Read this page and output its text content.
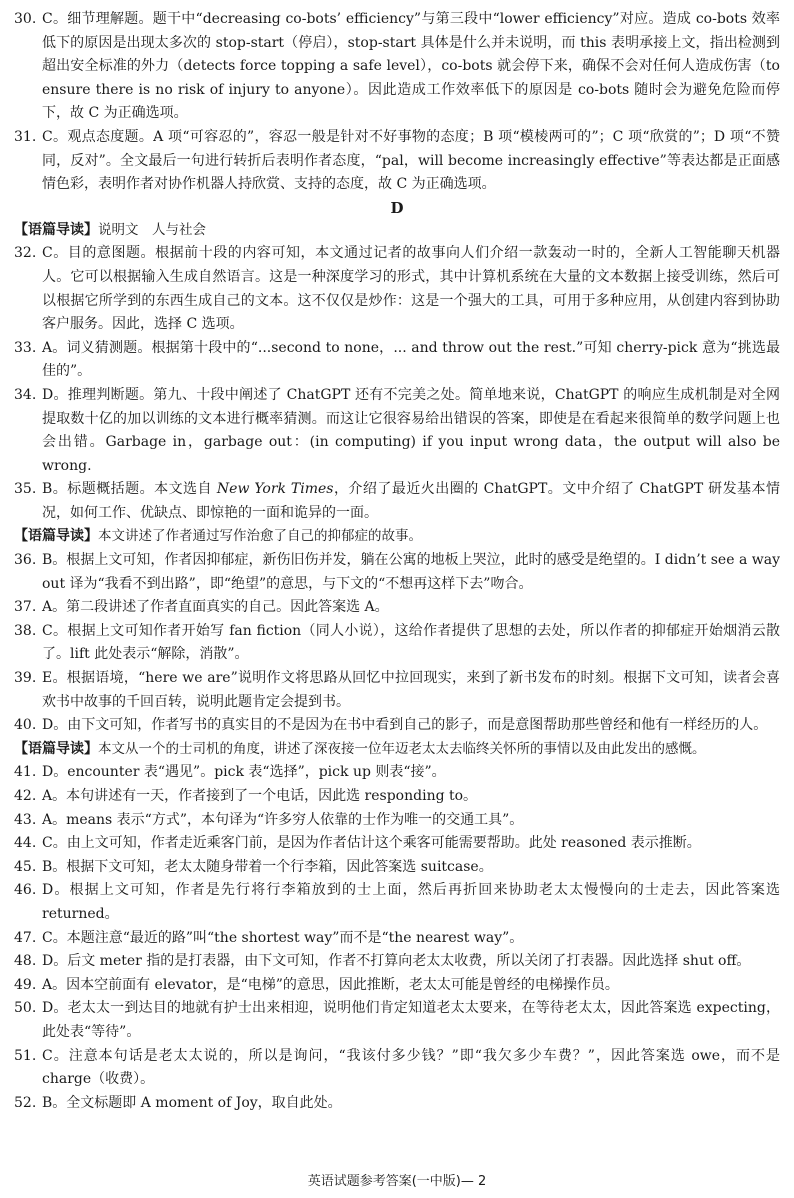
30. C。细节理解题。题干中“decreasing co-bots’ efficiency”与第三段中“lower efficiency”对应。造成 co-bots 效率低下的原因是出现太多次的 stop-start（停启），stop-start 具体是什么并未说明，而 this 表明承接上文，指出检测到超出安全标准的外力（detects force topping a safe level），co-bots 就会停下来，确保不会对任何人造成伤害（to ensure there is no risk of injury to anyone）。因此造成工作效率低下的原因是 co-bots 随时会为避免危险而停下，故 C 为正确选项。

31. C。观点态度题。A 项“可容忍的”，容忍一般是针对不好事物的态度；B 项“模棱两可的”；C 项“欣赏的”；D 项“不赞同，反对”。全文最后一句进行转折后表明作者态度，“pal，will become increasingly effective”等表达都是正面感情色彩，表明作者对协作机器人持欣赏、支持的态度，故 C 为正确选项。

D

【语篇导读】说明文　人与社会

32. C。目的意图题。根据前十段的内容可知，本文通过记者的故事向人们介绍一款轰动一时的，全新人工智能聊天机器人。它可以根据输入生成自然语言。这是一种深度学习的形式，其中计算机系统在大量的文本数据上接受训练，然后可以根据它所学到的东西生成自己的文本。这不仅仅是炒作：这是一个强大的工具，可用于多种应用，从创建内容到协助客户服务。因此，选择 C 选项。

33. A。词义猜测题。根据第十段中的“...second to none，... and throw out the rest.”可知 cherry-pick 意为“挑选最佳的”。

34. D。推理判断题。第九、十段中阐述了 ChatGPT 还有不完美之处。简单地来说，ChatGPT 的响应生成机制是对全网提取数十亿的加以训练的文本进行概率猜测。而这让它很容易给出错误的答案，即使是在看起来很简单的数学问题上也会出错。Garbage in，garbage out：(in computing) if you input wrong data，the output will also be wrong.

35. B。标题概括题。本文选自 New York Times，介绍了最近火出圈的 ChatGPT。文中介绍了 ChatGPT 研发基本情况，如何工作、优缺点、即惊艳的一面和诡异的一面。

【语篇导读】本文讲述了作者通过写作治愈了自己的抑郁症的故事。

36. B。根据上文可知，作者因抑郁症，新伤旧伤并发，躺在公寓的地板上哭泣，此时的感受是绝望的。I didn’t see a way out 译为“我看不到出路”，即“绝望”的意思，与下文的“不想再这样下去”吻合。

37. A。第二段讲述了作者直面真实的自己。因此答案选 A。

38. C。根据上文可知作者开始写 fan fiction（同人小说），这给作者提供了思想的去处，所以作者的抑郁症开始烟消云散了。lift 此处表示“解除，消散”。

39. E。根据语境，“here we are”说明作文将思路从回忆中拉回现实，来到了新书发布的时刻。根据下文可知，读者会喜欢书中故事的千回百转，说明此题肯定会提到书。

40. D。由下文可知，作者写书的真实目的不是因为在书中看到自己的影子，而是意图帮助那些曾经和他有一样经历的人。

【语篇导读】本文从一个的士司机的角度，讲述了深夜接一位年迈老太太去临终关怀所的事情以及由此发出的感慨。

41. D。encounter 表“遇见”。pick 表“选择”，pick up 则表“接”。

42. A。本句讲述有一天，作者接到了一个电话，因此选 responding to。

43. A。means 表示“方式”，本句译为“许多穷人依靠的士作为唯一的交通工具”。

44. C。由上文可知，作者走近乘客门前，是因为作者估计这个乘客可能需要帮助。此处 reasoned 表示推断。

45. B。根据下文可知，老太太随身带着一个行李箱，因此答案选 suitcase。

46. D。根据上文可知，作者是先行将行李箱放到的士上面，然后再折回来协助老太太慢慢向的士走去，因此答案选 returned。

47. C。本题注意“最近的路”叫“the shortest way”而不是“the nearest way”。

48. D。后文 meter 指的是打表器，由下文可知，作者不打算向老太太收费，所以关闭了打表器。因此选择 shut off。

49. A。因本空前面有 elevator，是“电梯”的意思，因此推断，老太太可能是曾经的电梯操作员。

50. D。老太太一到达目的地就有护士出来相迎，说明他们肯定知道老太太要来，在等待老太太，因此答案选 expecting，此处表“等待”。

51. C。注意本句话是老太太说的，所以是询问，“我该付多少钱？”即“我欠多少车费？”，因此答案选 owe，而不是 charge（收费）。

52. B。全文标题即 A moment of Joy，取自此处。

英语试题参考答案(一中版)— 2
